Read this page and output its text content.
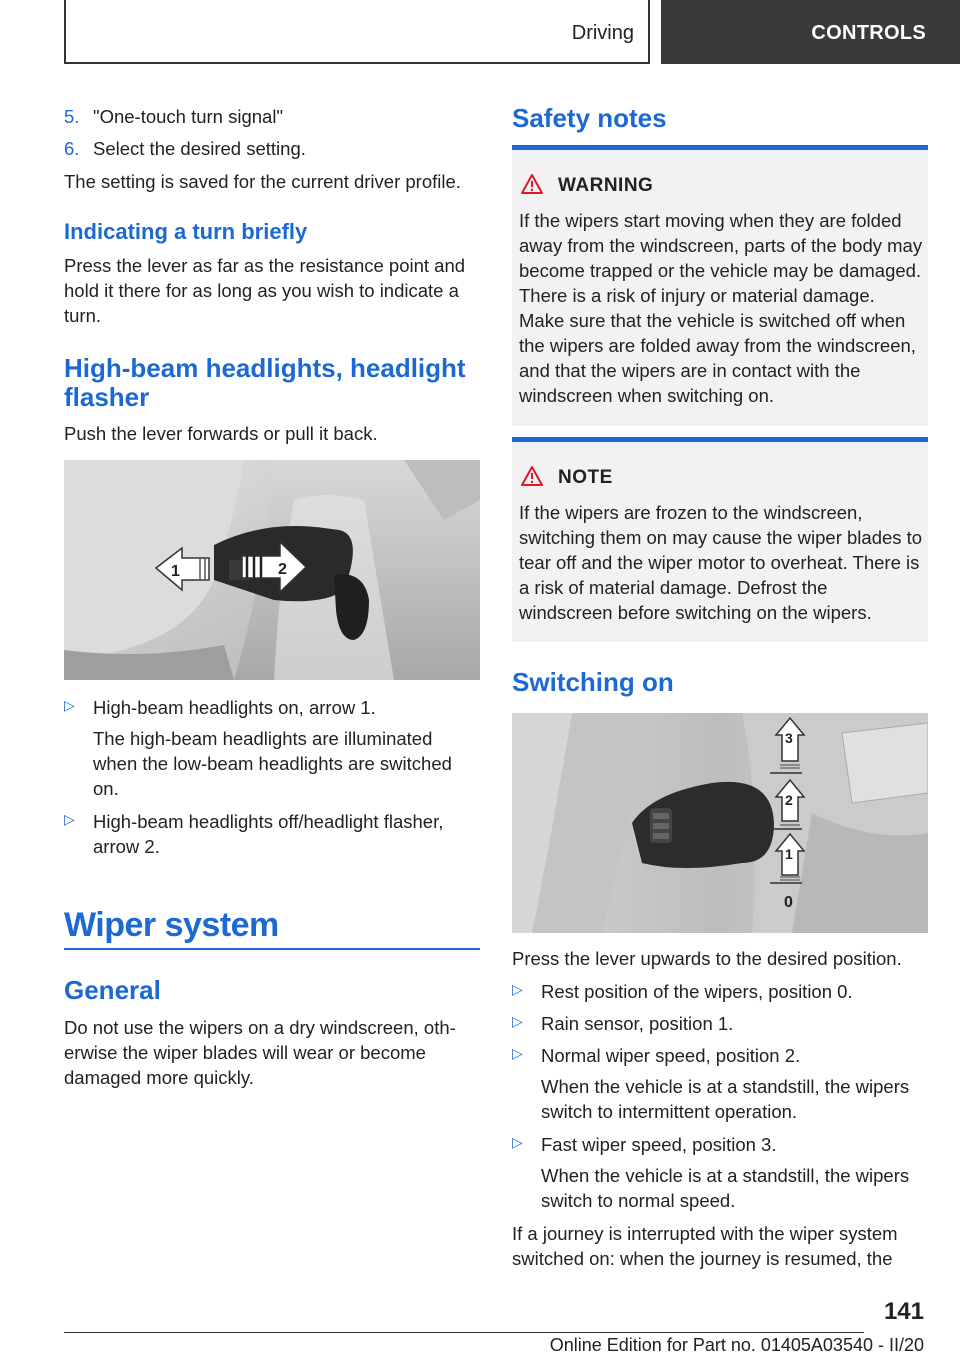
Driving	CONTROLS
5. "One-touch turn signal"
6. Select the desired setting.
The setting is saved for the current driver profile.
Indicating a turn briefly
Press the lever as far as the resistance point and hold it there for as long as you wish to indicate a turn.
High-beam headlights, headlight flasher
Push the lever forwards or pull it back.
1	2
▷ High-beam headlights on, arrow 1.
The high-beam headlights are illuminated when the low-beam headlights are switched on.
▷ High-beam headlights off/headlight flasher, arrow 2.
Wiper system
General
Do not use the wipers on a dry windscreen, oth-erwise the wiper blades will wear or become damaged more quickly.
Safety notes
WARNING
If the wipers start moving when they are folded away from the windscreen, parts of the body may become trapped or the vehicle may be damaged. There is a risk of injury or material damage. Make sure that the vehicle is switched off when the wipers are folded away from the windscreen, and that the wipers are in contact with the windscreen when switching on.
NOTE
If the wipers are frozen to the windscreen, switching them on may cause the wiper blades to tear off and the wiper motor to overheat. There is a risk of material damage. Defrost the windscreen before switching on the wipers.
Switching on
3
2
1
0
Press the lever upwards to the desired position.
▷ Rest position of the wipers, position 0.
▷ Rain sensor, position 1.
▷ Normal wiper speed, position 2.
When the vehicle is at a standstill, the wipers switch to intermittent operation.
▷ Fast wiper speed, position 3.
When the vehicle is at a standstill, the wipers switch to normal speed.
If a journey is interrupted with the wiper system switched on: when the journey is resumed, the
141
Online Edition for Part no. 01405A03540 - II/20
